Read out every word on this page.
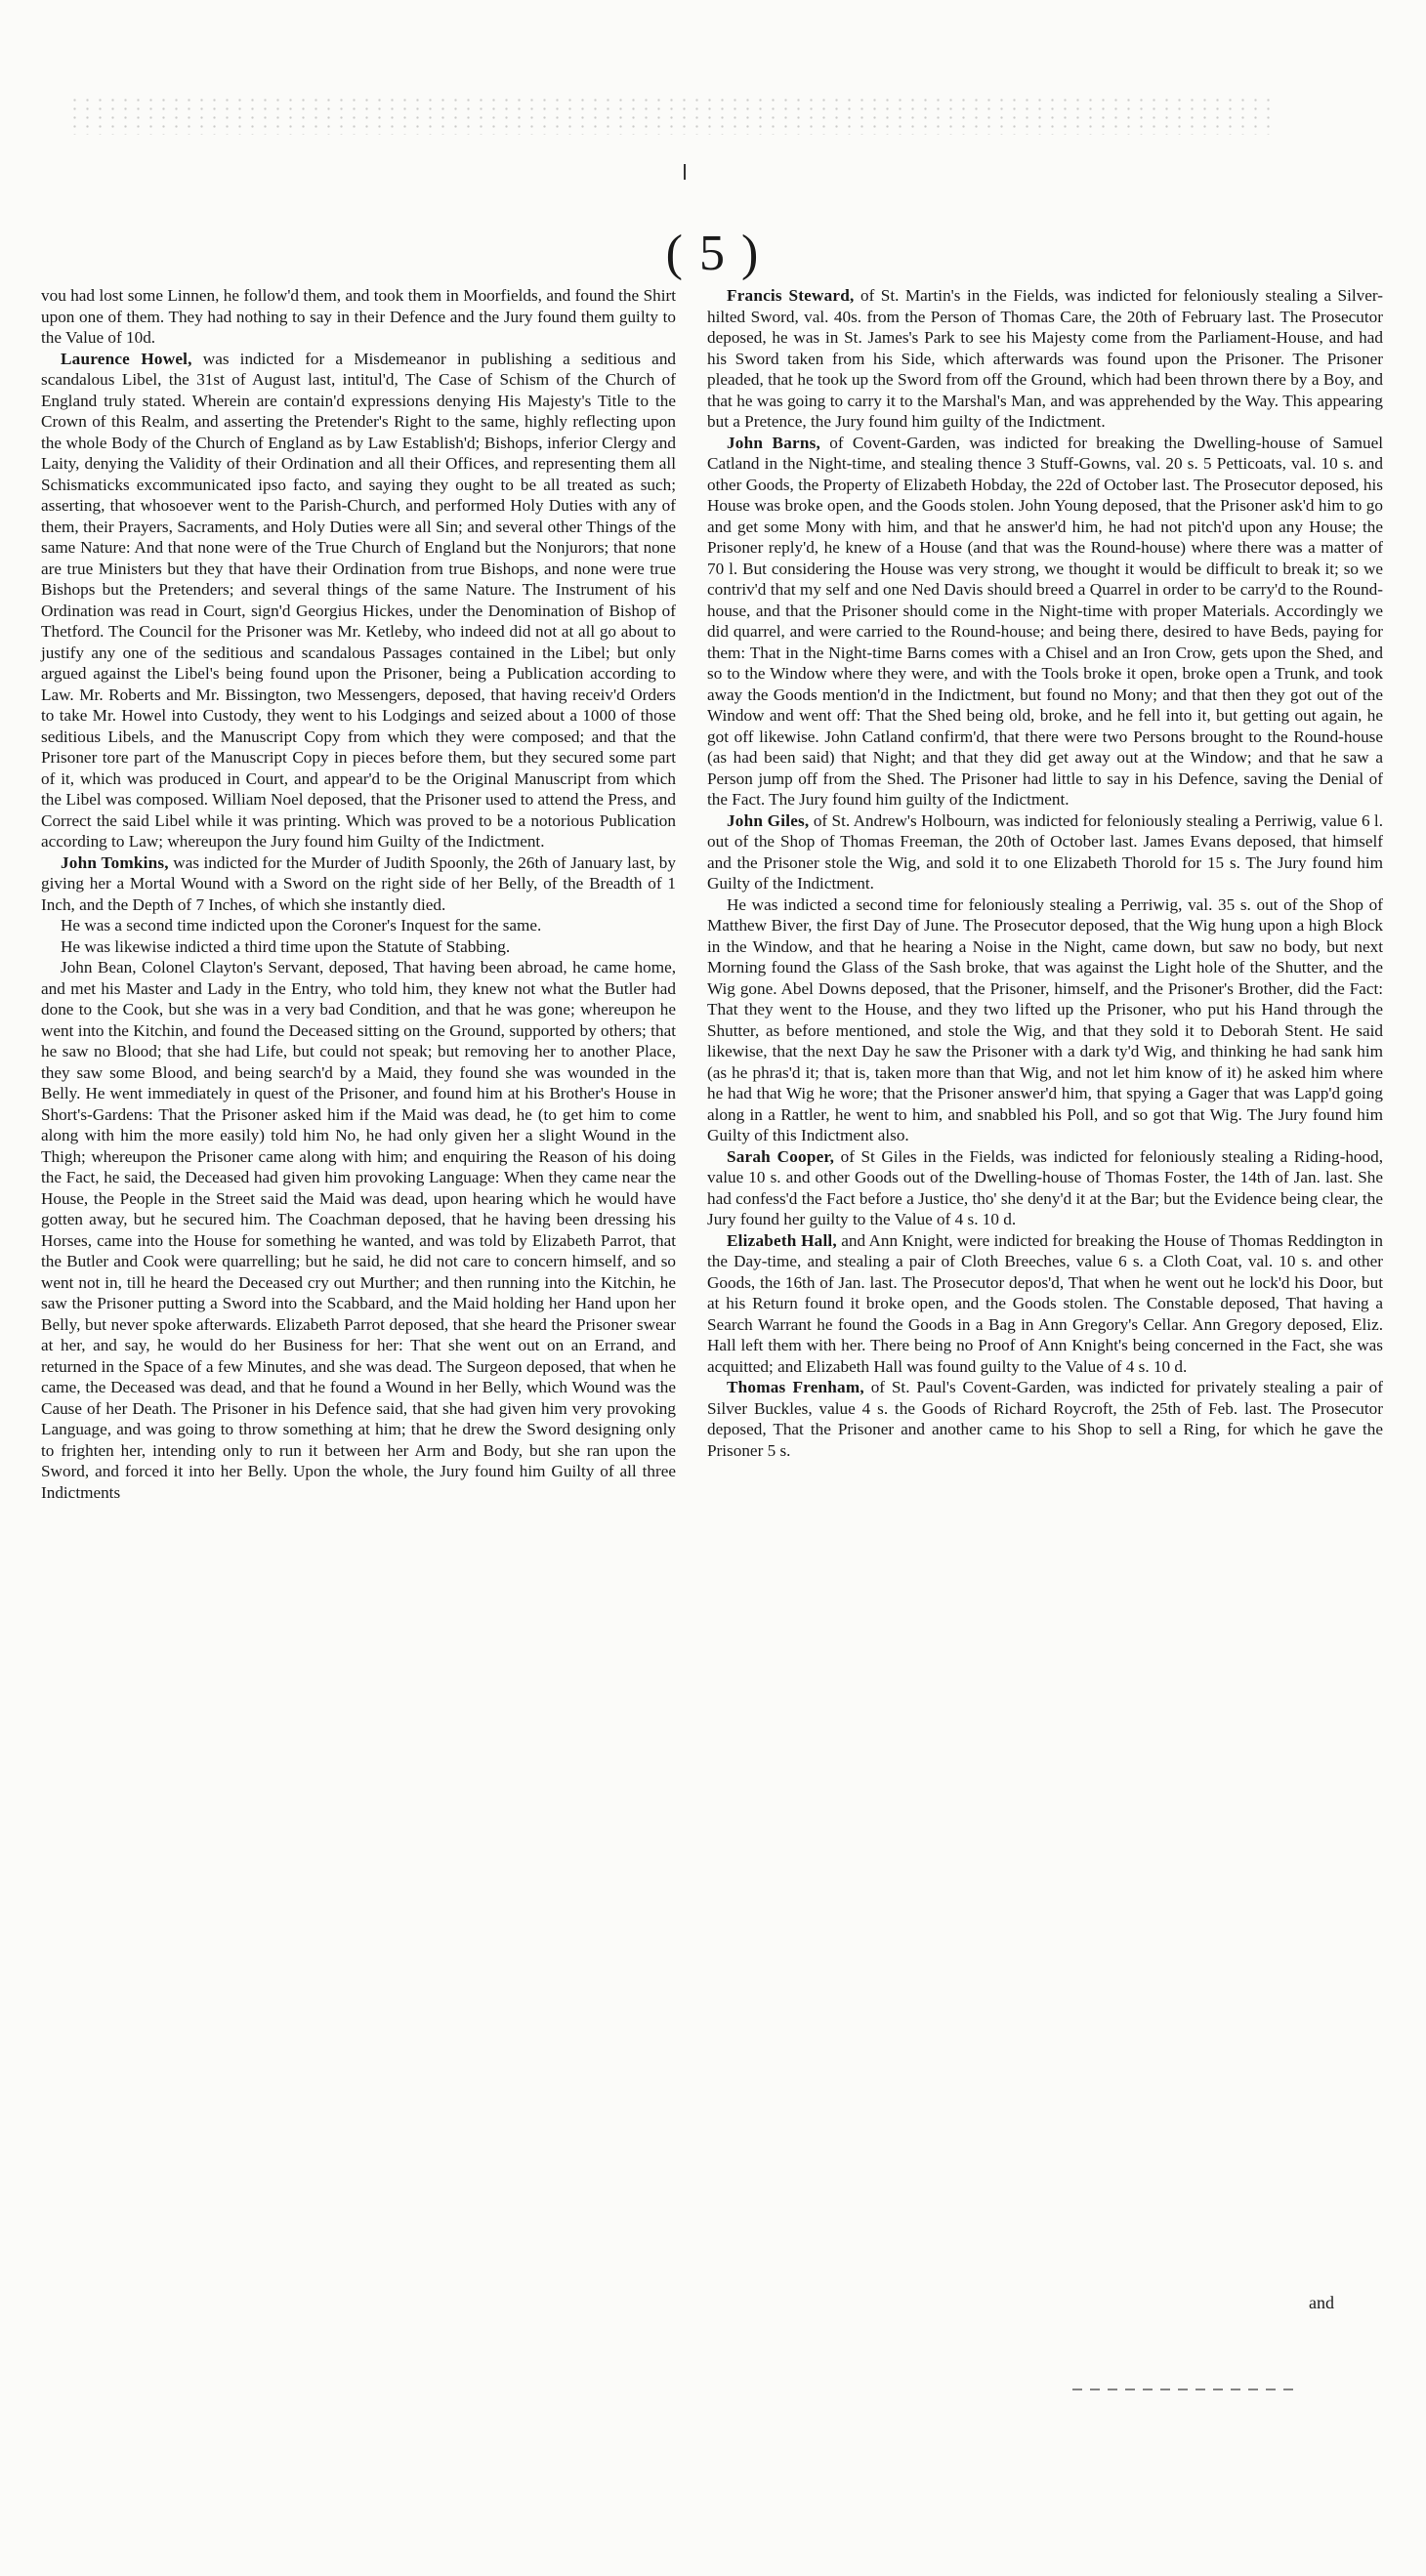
( 5 )

vou had lost some Linnen, he follow'd them, and took them in Moorfields, and found the Shirt upon one of them. They had nothing to say in their Defence and the Jury found them guilty to the Value of 10d.

Laurence Howel, was indicted for a Misdemeanor in publishing a seditious and scandalous Libel, the 31st of August last, intitul'd, The Case of Schism of the Church of England truly stated. Wherein are contain'd expressions denying His Majesty's Title to the Crown of this Realm, and asserting the Pretender's Right to the same, highly reflecting upon the whole Body of the Church of England as by Law Establish'd; Bishops, inferior Clergy and Laity, denying the Validity of their Ordination and all their Offices, and representing them all Schismaticks excommunicated ipso facto, and saying they ought to be all treated as such; asserting, that whosoever went to the Parish-Church, and performed Holy Duties with any of them, their Prayers, Sacraments, and Holy Duties were all Sin; and several other Things of the same Nature: And that none were of the True Church of England but the Nonjurors; that none are true Ministers but they that have their Ordination from true Bishops, and none were true Bishops but the Pretenders; and several things of the same Nature. The Instrument of his Ordination was read in Court, sign'd Georgius Hickes, under the Denomination of Bishop of Thetford. The Council for the Prisoner was Mr. Ketleby, who indeed did not at all go about to justify any one of the seditious and scandalous Passages contained in the Libel; but only argued against the Libel's being found upon the Prisoner, being a Publication according to Law. Mr. Roberts and Mr. Bissington, two Messengers, deposed, that having receiv'd Orders to take Mr. Howel into Custody, they went to his Lodgings and seized about a 1000 of those seditious Libels, and the Manuscript Copy from which they were composed; and that the Prisoner tore part of the Manuscript Copy in pieces before them, but they secured some part of it, which was produced in Court, and appear'd to be the Original Manuscript from which the Libel was composed. William Noel deposed, that the Prisoner used to attend the Press, and Correct the said Libel while it was printing. Which was proved to be a notorious Publication according to Law; whereupon the Jury found him Guilty of the Indictment.

John Tomkins, was indicted for the Murder of Judith Spoonly, the 26th of January last, by giving her a Mortal Wound with a Sword on the right side of her Belly, of the Breadth of 1 Inch, and the Depth of 7 Inches, of which she instantly died.

He was a second time indicted upon the Coroner's Inquest for the same.

He was likewise indicted a third time upon the Statute of Stabbing.

John Bean, Colonel Clayton's Servant, deposed, That having been abroad, he came home, and met his Master and Lady in the Entry, who told him, they knew not what the Butler had done to the Cook, but she was in a very bad Condition, and that he was gone; whereupon he went into the Kitchin, and found the Deceased sitting on the Ground, supported by others; that he saw no Blood; that she had Life, but could not speak; but removing her to another Place, they saw some Blood, and being search'd by a Maid, they found she was wounded in the Belly. He went immediately in quest of the Prisoner, and found him at his Brother's House in Short's-Gardens: That the Prisoner asked him if the Maid was dead, he (to get him to come along with him the more easily) told him No, he had only given her a slight Wound in the Thigh; whereupon the Prisoner came along with him; and enquiring the Reason of his doing the Fact, he said, the Deceased had given him provoking Language: When they came near the House, the People in the Street said the Maid was dead, upon hearing which he would have gotten away, but he secured him. The Coachman deposed, that he having been dressing his Horses, came into the House for something he wanted, and was told by Elizabeth Parrot, that the Butler and Cook were quarrelling; but he said, he did not care to concern himself, and so went not in, till he heard the Deceased cry out Murther; and then running into the Kitchin, he saw the Prisoner putting a Sword into the Scabbard, and the Maid holding her Hand upon her Belly, but never spoke afterwards. Elizabeth Parrot deposed, that she heard the Prisoner swear at her, and say, he would do her Business for her: That she went out on an Errand, and returned in the Space of a few Minutes, and she was dead. The Surgeon deposed, that when he came, the Deceased was dead, and that he found a Wound in her Belly, which Wound was the Cause of her Death. The Prisoner in his Defence said, that she had given him very provoking Language, and was going to throw something at him; that he drew the Sword designing only to frighten her, intending only to run it between her Arm and Body, but she ran upon the Sword, and forced it into her Belly. Upon the whole, the Jury found him Guilty of all three Indictments

Francis Steward, of St. Martin's in the Fields, was indicted for feloniously stealing a Silver-hilted Sword, val. 40s. from the Person of Thomas Care, the 20th of February last. The Prosecutor deposed, he was in St. James's Park to see his Majesty come from the Parliament-House, and had his Sword taken from his Side, which afterwards was found upon the Prisoner. The Prisoner pleaded, that he took up the Sword from off the Ground, which had been thrown there by a Boy, and that he was going to carry it to the Marshal's Man, and was apprehended by the Way. This appearing but a Pretence, the Jury found him guilty of the Indictment.

John Barns, of Covent-Garden, was indicted for breaking the Dwelling-house of Samuel Catland in the Night-time, and stealing thence 3 Stuff-Gowns, val. 20 s. 5 Petticoats, val. 10 s. and other Goods, the Property of Elizabeth Hobday, the 22d of October last. The Prosecutor deposed, his House was broke open, and the Goods stolen. John Young deposed, that the Prisoner ask'd him to go and get some Mony with him, and that he answer'd him, he had not pitch'd upon any House; the Prisoner reply'd, he knew of a House (and that was the Round-house) where there was a matter of 70 l. But considering the House was very strong, we thought it would be difficult to break it; so we contriv'd that my self and one Ned Davis should breed a Quarrel in order to be carry'd to the Round-house, and that the Prisoner should come in the Night-time with proper Materials. Accordingly we did quarrel, and were carried to the Round-house; and being there, desired to have Beds, paying for them: That in the Night-time Barns comes with a Chisel and an Iron Crow, gets upon the Shed, and so to the Window where they were, and with the Tools broke it open, broke open a Trunk, and took away the Goods mention'd in the Indictment, but found no Mony; and that then they got out of the Window and went off: That the Shed being old, broke, and he fell into it, but getting out again, he got off likewise. John Catland confirm'd, that there were two Persons brought to the Round-house (as had been said) that Night; and that they did get away out at the Window; and that he saw a Person jump off from the Shed. The Prisoner had little to say in his Defence, saving the Denial of the Fact. The Jury found him guilty of the Indictment.

John Giles, of St. Andrew's Holbourn, was indicted for feloniously stealing a Perriwig, value 6 l. out of the Shop of Thomas Freeman, the 20th of October last. James Evans deposed, that himself and the Prisoner stole the Wig, and sold it to one Elizabeth Thorold for 15 s. The Jury found him Guilty of the Indictment.

He was indicted a second time for feloniously stealing a Perriwig, val. 35 s. out of the Shop of Matthew Biver, the first Day of June. The Prosecutor deposed, that the Wig hung upon a high Block in the Window, and that he hearing a Noise in the Night, came down, but saw no body, but next Morning found the Glass of the Sash broke, that was against the Light hole of the Shutter, and the Wig gone. Abel Downs deposed, that the Prisoner, himself, and the Prisoner's Brother, did the Fact: That they went to the House, and they two lifted up the Prisoner, who put his Hand through the Shutter, as before mentioned, and stole the Wig, and that they sold it to Deborah Stent. He said likewise, that the next Day he saw the Prisoner with a dark ty'd Wig, and thinking he had sank him (as he phras'd it; that is, taken more than that Wig, and not let him know of it) he asked him where he had that Wig he wore; that the Prisoner answer'd him, that spying a Gager that was Lapp'd going along in a Rattler, he went to him, and snabbled his Poll, and so got that Wig. The Jury found him Guilty of this Indictment also.

Sarah Cooper, of St Giles in the Fields, was indicted for feloniously stealing a Riding-hood, value 10 s. and other Goods out of the Dwelling-house of Thomas Foster, the 14th of Jan. last. She had confess'd the Fact before a Justice, tho' she deny'd it at the Bar; but the Evidence being clear, the Jury found her guilty to the Value of 4 s. 10 d.

Elizabeth Hall, and Ann Knight, were indicted for breaking the House of Thomas Reddington in the Day-time, and stealing a pair of Cloth Breeches, value 6 s. a Cloth Coat, val. 10 s. and other Goods, the 16th of Jan. last. The Prosecutor depos'd, That when he went out he lock'd his Door, but at his Return found it broke open, and the Goods stolen. The Constable deposed, That having a Search Warrant he found the Goods in a Bag in Ann Gregory's Cellar. Ann Gregory deposed, Eliz. Hall left them with her. There being no Proof of Ann Knight's being concerned in the Fact, she was acquitted; and Elizabeth Hall was found guilty to the Value of 4 s. 10 d.

Thomas Frenham, of St. Paul's Covent-Garden, was indicted for privately stealing a pair of Silver Buckles, value 4 s. the Goods of Richard Roycroft, the 25th of Feb. last. The Prosecutor deposed, That the Prisoner and another came to his Shop to sell a Ring, for which he gave the Prisoner 5 s.

and
